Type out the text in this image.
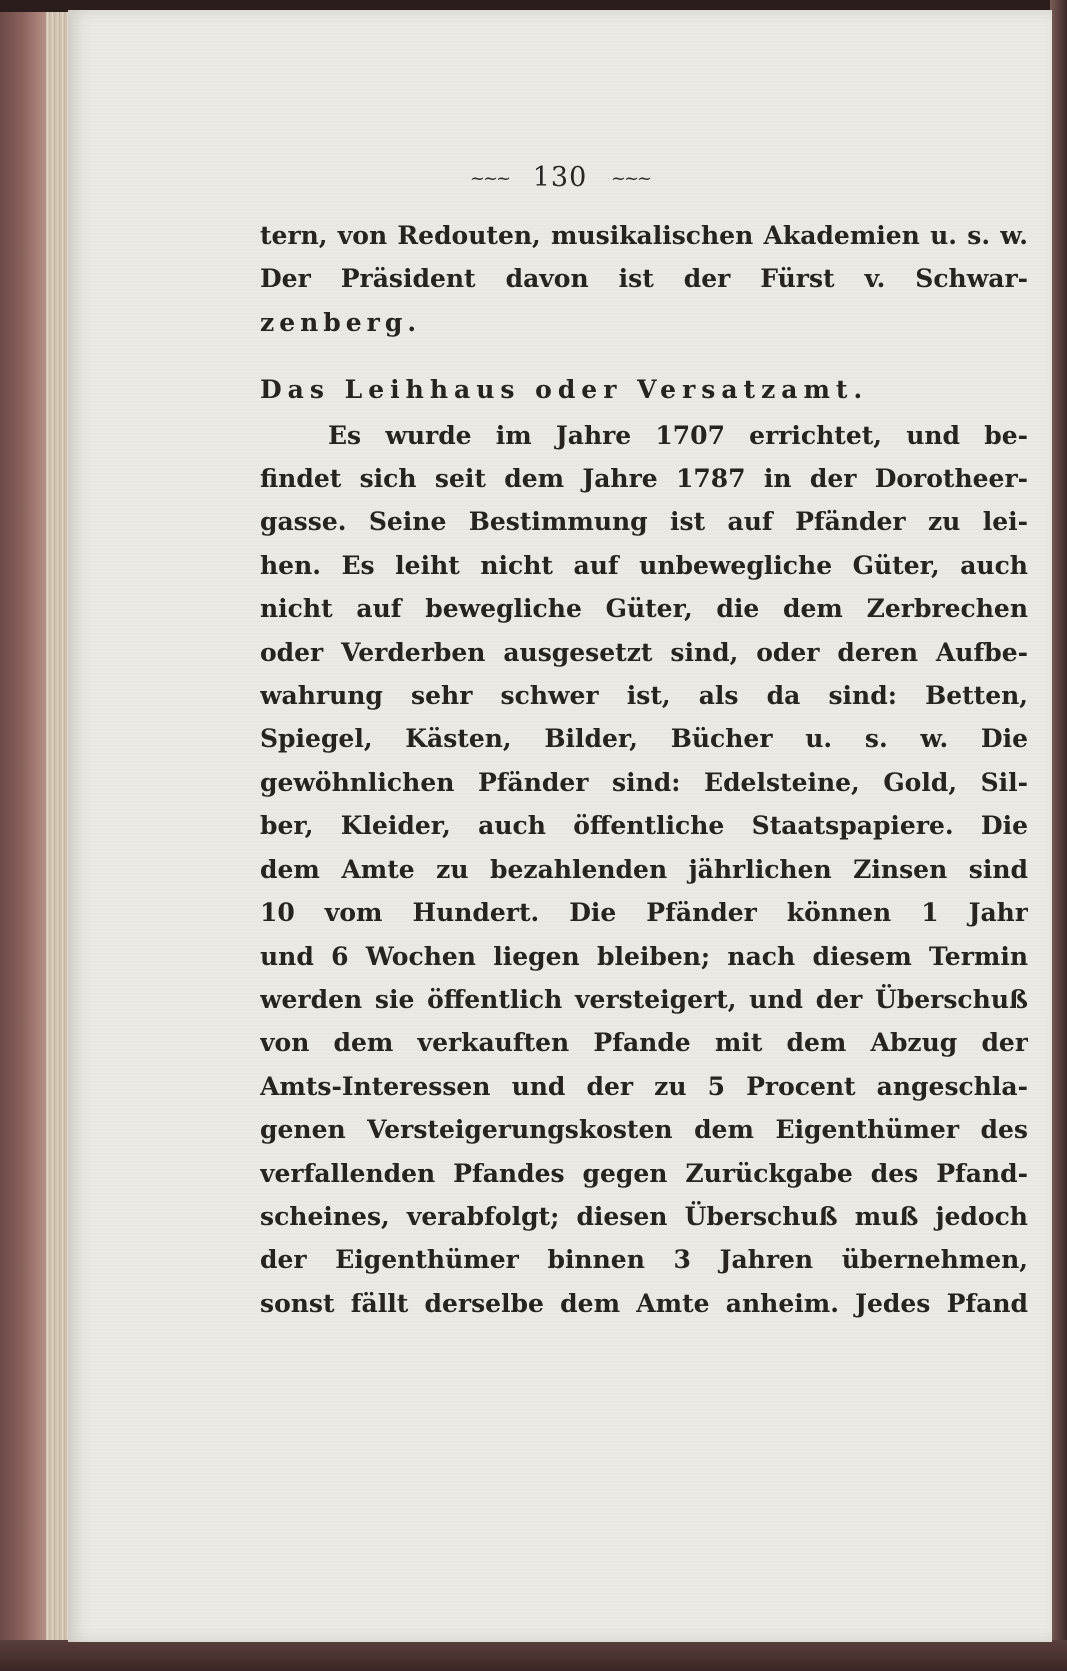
~~~ 130 ~~~
tern, von Redouten, musikalischen Akademien u. s. w.
Der Präsident davon ist der Fürst v. Schwar-
zenberg.
Das Leihhaus oder Versatzamt.
Es wurde im Jahre 1707 errichtet, und be-
findet sich seit dem Jahre 1787 in der Dorotheer-
gasse. Seine Bestimmung ist auf Pfänder zu lei-
hen. Es leiht nicht auf unbewegliche Güter, auch
nicht auf bewegliche Güter, die dem Zerbrechen
oder Verderben ausgesetzt sind, oder deren Aufbe-
wahrung sehr schwer ist, als da sind: Betten,
Spiegel, Kästen, Bilder, Bücher u. s. w. Die
gewöhnlichen Pfänder sind: Edelsteine, Gold, Sil-
ber, Kleider, auch öffentliche Staatspapiere. Die
dem Amte zu bezahlenden jährlichen Zinsen sind
10 vom Hundert. Die Pfänder können 1 Jahr
und 6 Wochen liegen bleiben; nach diesem Termin
werden sie öffentlich versteigert, und der Überschuß
von dem verkauften Pfande mit dem Abzug der
Amts-Interessen und der zu 5 Procent angeschla-
genen Versteigerungskosten dem Eigenthümer des
verfallenden Pfandes gegen Zurückgabe des Pfand-
scheines, verabfolgt; diesen Überschuß muß jedoch
der Eigenthümer binnen 3 Jahren übernehmen,
sonst fällt derselbe dem Amte anheim. Jedes Pfand
